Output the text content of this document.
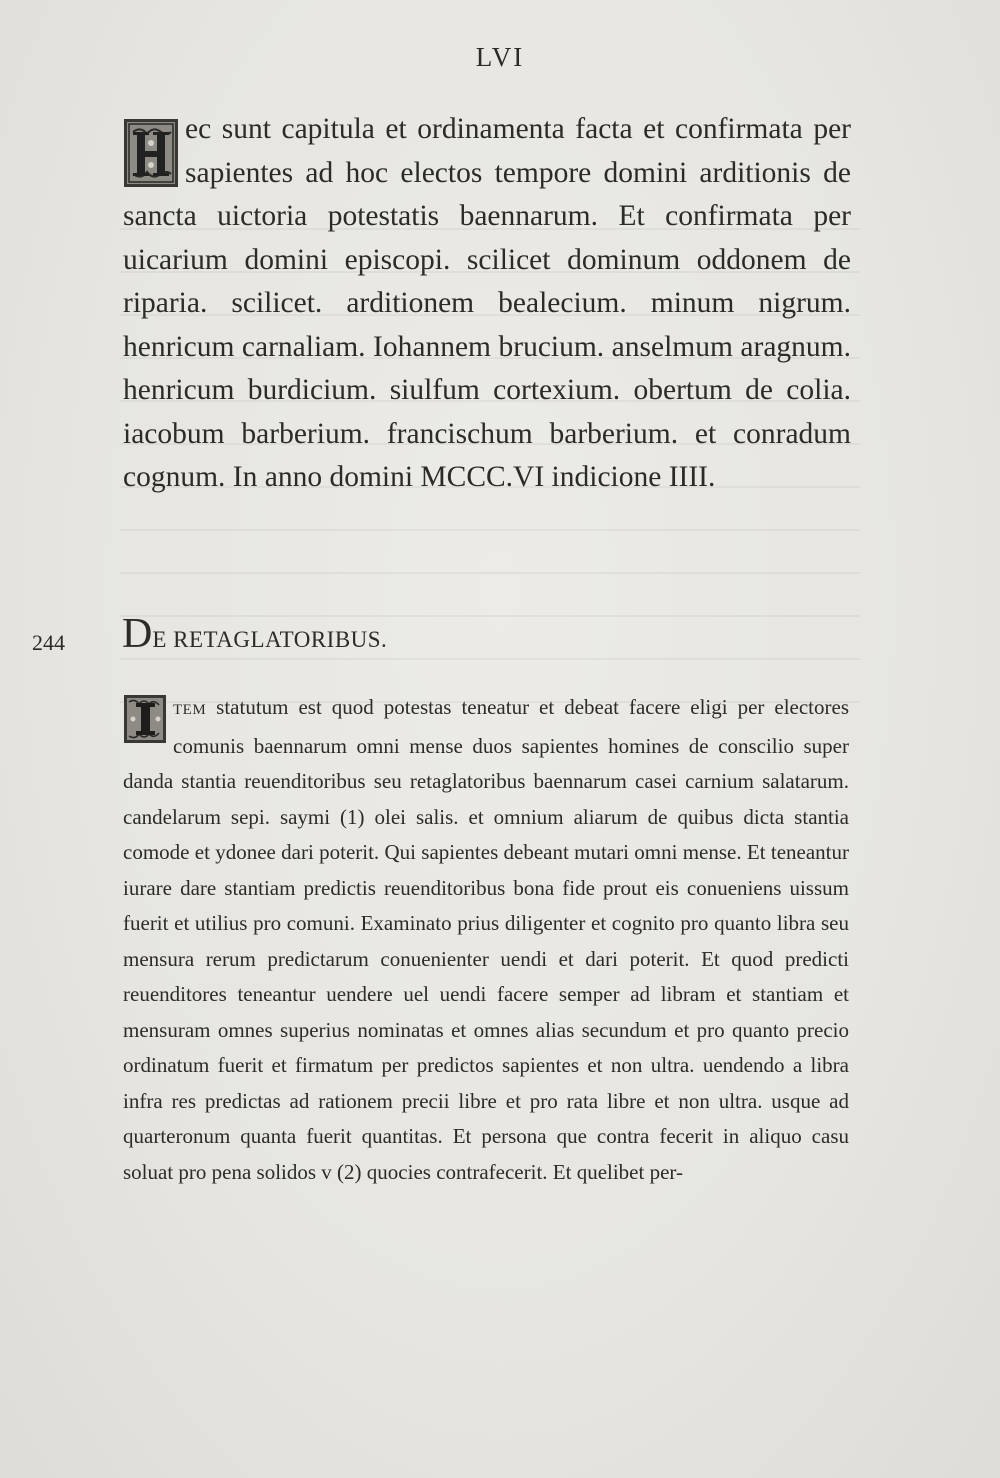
LVI
244
ec sunt capitula et ordinamenta facta et confirmata per sapientes ad hoc electos tempore domini arditionis de sancta uictoria potestatis baennarum. Et confirmata per uicarium domini episcopi. scilicet dominum oddonem de riparia. scilicet. arditionem bealecium. minum nigrum. henricum carnaliam. Iohannem brucium. anselmum aragnum. henricum burdicium. siulfum cortexium. obertum de colia. iacobum barberium. francischum barberium. et conradum cognum. In anno domini MCCC.VI indicione IIII.
DE RETAGLATORIBUS.
TEM statutum est quod potestas teneatur et debeat facere eligi per electores comunis baennarum omni mense duos sapientes homines de conscilio super danda stantia reuenditoribus seu retaglatoribus baennarum casei carnium salatarum. candelarum sepi. saymi (1) olei salis. et omnium aliarum de quibus dicta stantia comode et ydonee dari poterit. Qui sapientes debeant mutari omni mense. Et teneantur iurare dare stantiam predictis reuenditoribus bona fide prout eis conueniens uissum fuerit et utilius pro comuni. Examinato prius diligenter et cognito pro quanto libra seu mensura rerum predictarum conuenienter uendi et dari poterit. Et quod predicti reuenditores teneantur uendere uel uendi facere semper ad libram et stantiam et mensuram omnes superius nominatas et omnes alias secundum et pro quanto precio ordinatum fuerit et firmatum per predictos sapientes et non ultra. uendendo a libra infra res predictas ad rationem precii libre et pro rata libre et non ultra. usque ad quarteronum quanta fuerit quantitas. Et persona que contra fecerit in aliquo casu soluat pro pena solidos v (2) quocies contrafecerit. Et quelibet per-
